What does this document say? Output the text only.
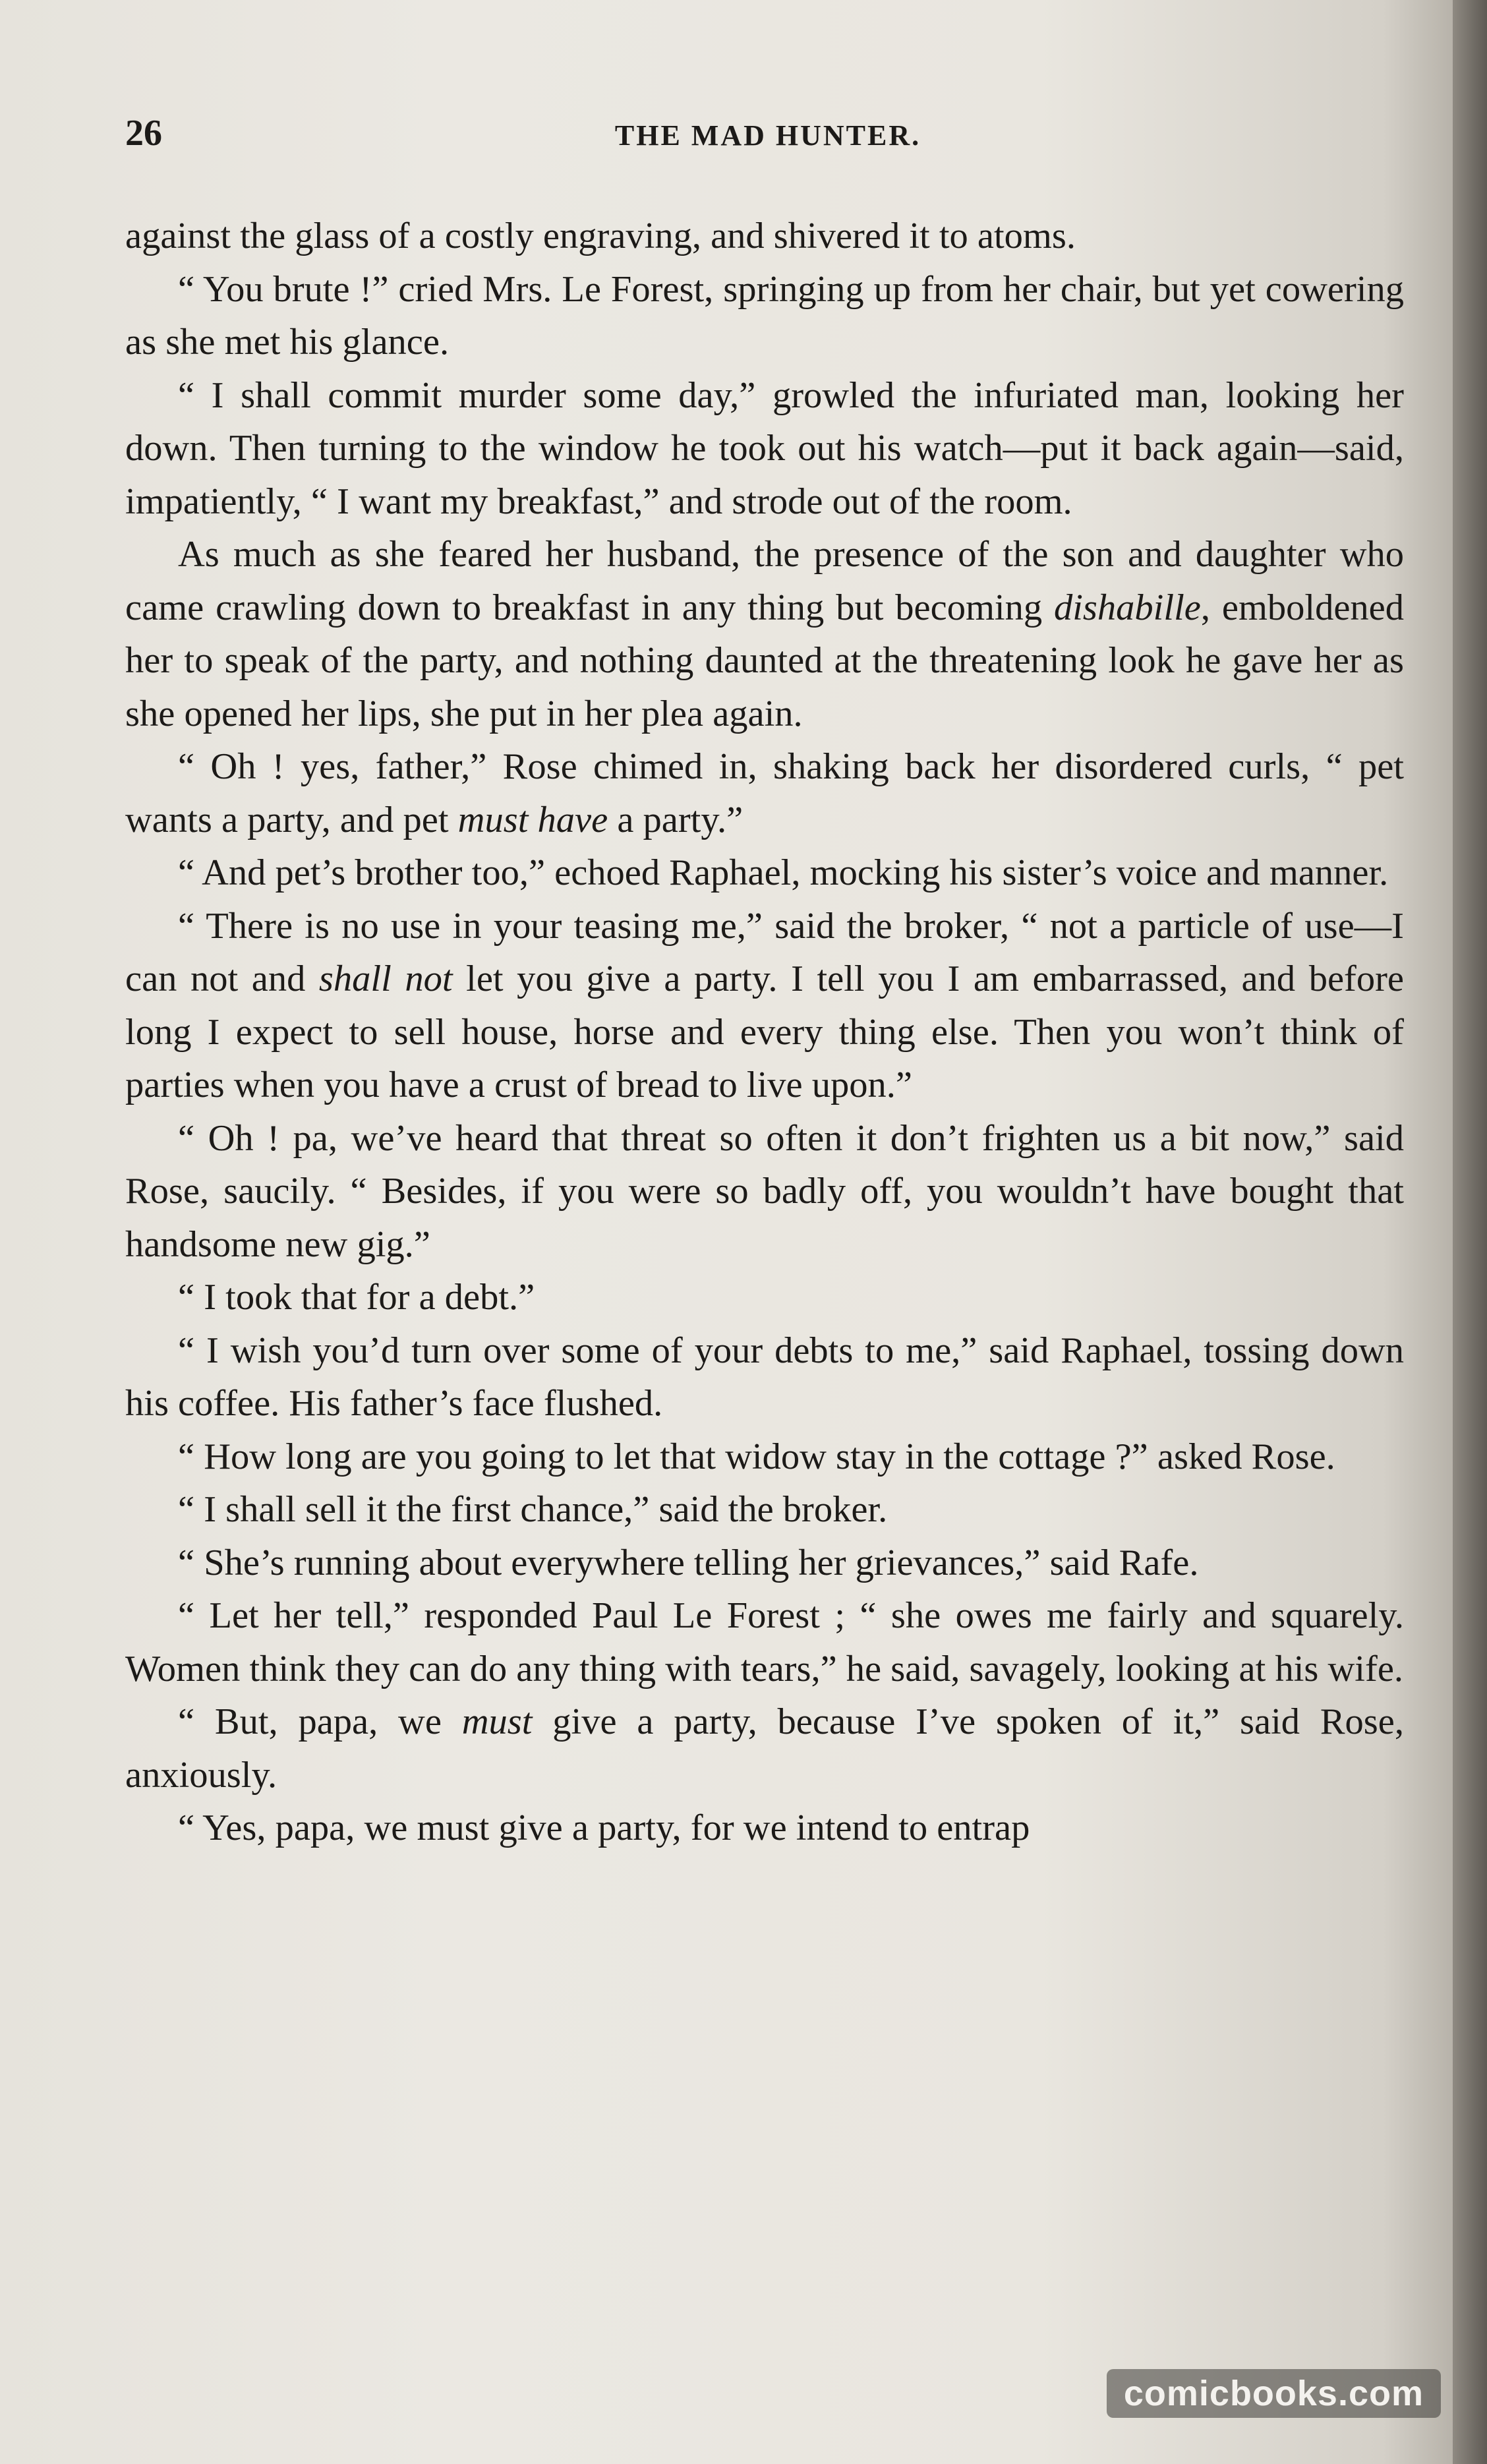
26	THE MAD HUNTER.

against the glass of a costly engraving, and shivered it to atoms.

“ You brute !” cried Mrs. Le Forest, springing up from her chair, but yet cowering as she met his glance.

“ I shall commit murder some day,” growled the infuriated man, looking her down. Then turning to the window he took out his watch—put it back again—said, impatiently, “ I want my breakfast,” and strode out of the room.

As much as she feared her husband, the presence of the son and daughter who came crawling down to breakfast in any thing but becoming dishabille, emboldened her to speak of the party, and nothing daunted at the threatening look he gave her as she opened her lips, she put in her plea again.

“ Oh ! yes, father,” Rose chimed in, shaking back her disordered curls, “ pet wants a party, and pet must have a party.”

“ And pet’s brother too,” echoed Raphael, mocking his sister’s voice and manner.

“ There is no use in your teasing me,” said the broker, “ not a particle of use—I can not and shall not let you give a party. I tell you I am embarrassed, and before long I expect to sell house, horse and every thing else. Then you won’t think of parties when you have a crust of bread to live upon.”

“ Oh ! pa, we’ve heard that threat so often it don’t frighten us a bit now,” said Rose, saucily. “ Besides, if you were so badly off, you wouldn’t have bought that handsome new gig.”

“ I took that for a debt.”

“ I wish you’d turn over some of your debts to me,” said Raphael, tossing down his coffee. His father’s face flushed.

“ How long are you going to let that widow stay in the cottage ?” asked Rose.

“ I shall sell it the first chance,” said the broker.

“ She’s running about everywhere telling her grievances,” said Rafe.

“ Let her tell,” responded Paul Le Forest ; “ she owes me fairly and squarely. Women think they can do any thing with tears,” he said, savagely, looking at his wife.

“ But, papa, we must give a party, because I’ve spoken of it,” said Rose, anxiously.

“ Yes, papa, we must give a party, for we intend to entrap

comicbooks.com
